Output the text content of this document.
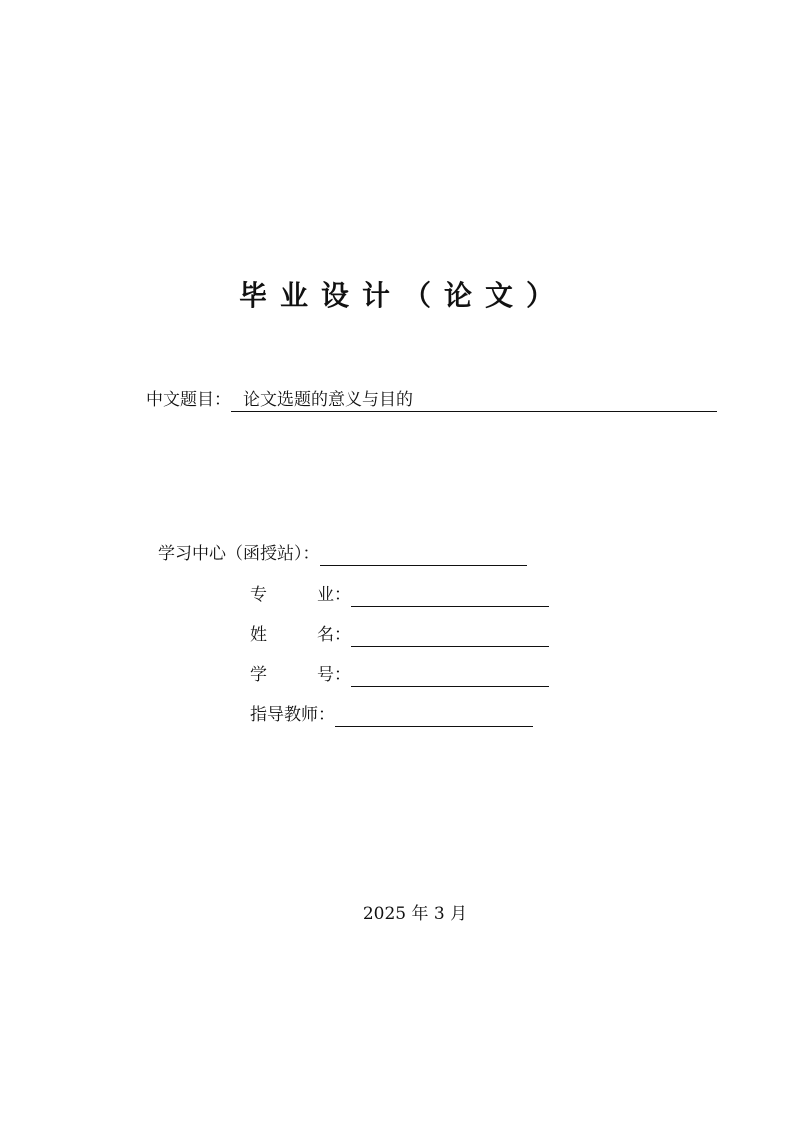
毕业设计（论文）
中文题目： 论文选题的意义与目的
学习中心（函授站）：
专	业 ：
姓	名 ：
学	号 ：
指导教师：
2025 年 3 月
